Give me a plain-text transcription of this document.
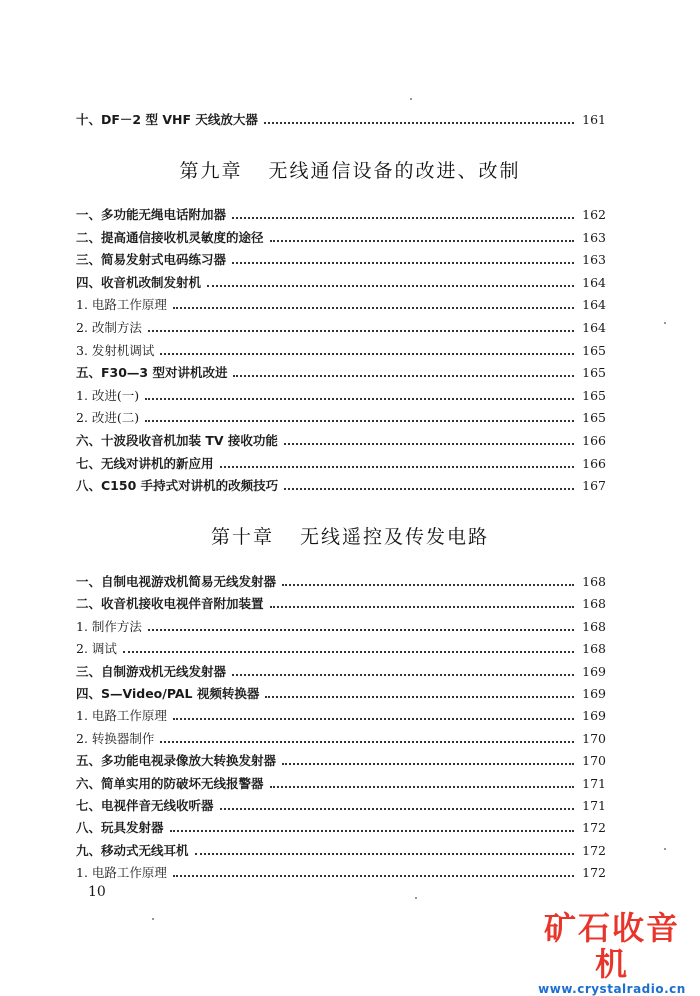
十、DF－2 型 VHF 天线放大器	161
第九章 无线通信设备的改进、改制
一、多功能无绳电话附加器	162
二、提高通信接收机灵敏度的途径	163
三、简易发射式电码练习器	163
四、收音机改制发射机	164
1. 电路工作原理	164
2. 改制方法	164
3. 发射机调试	165
五、F30—3 型对讲机改进	165
1. 改进(一)	165
2. 改进(二)	165
六、十波段收音机加装 TV 接收功能	166
七、无线对讲机的新应用	166
八、C150 手持式对讲机的改频技巧	167
第十章 无线遥控及传发电路
一、自制电视游戏机简易无线发射器	168
二、收音机接收电视伴音附加装置	168
1. 制作方法	168
2. 调试	168
三、自制游戏机无线发射器	169
四、S—Video/PAL 视频转换器	169
1. 电路工作原理	169
2. 转换器制作	170
五、多功能电视录像放大转换发射器	170
六、简单实用的防破坏无线报警器	171
七、电视伴音无线收听器	171
八、玩具发射器	172
九、移动式无线耳机	172
1. 电路工作原理	172
10
矿石收音机
www.crystalradio.cn
